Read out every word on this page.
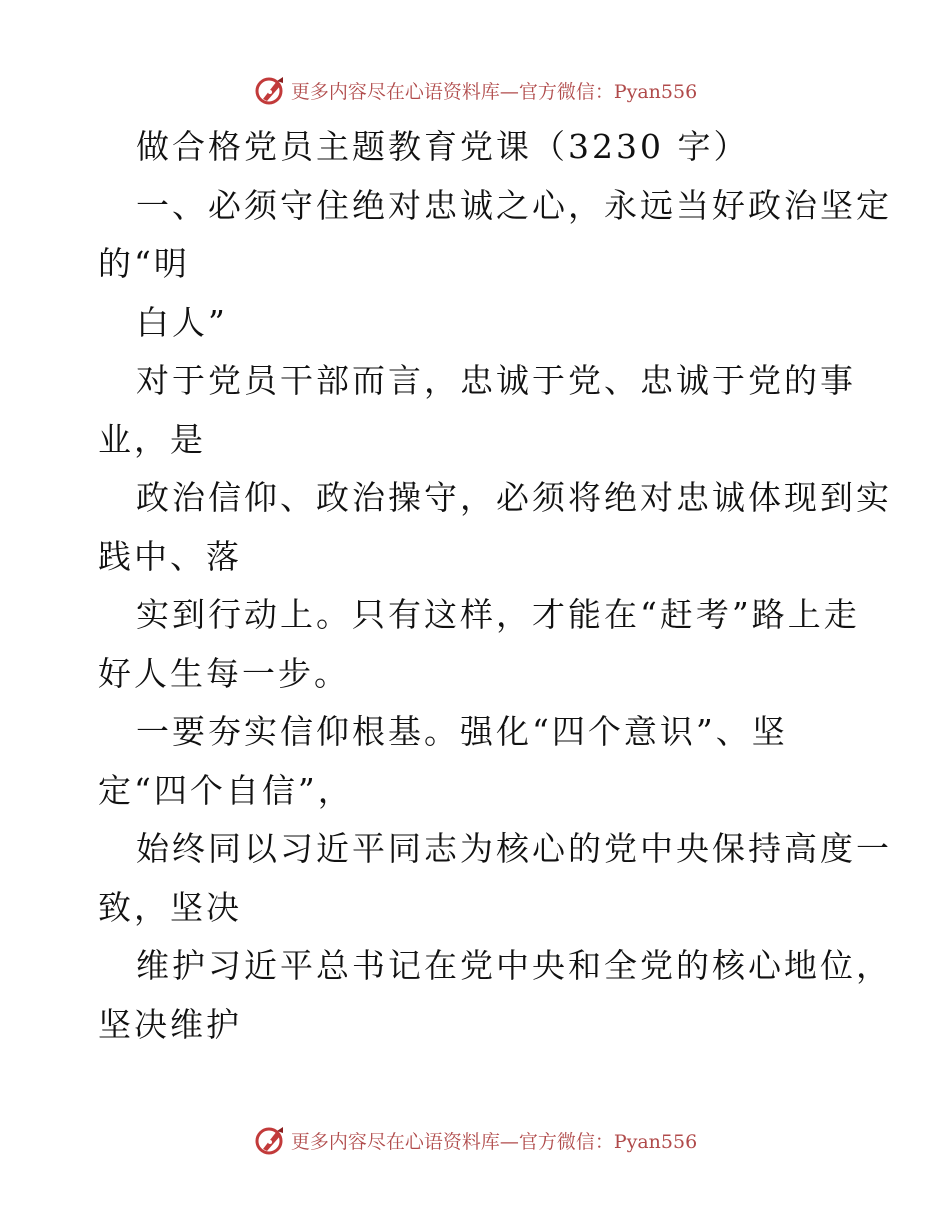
更多内容尽在心语资料库—官方微信：Pyan556
做合格党员主题教育党课（3230 字）
一、必须守住绝对忠诚之心，永远当好政治坚定
的“明
白人”
对于党员干部而言，忠诚于党、忠诚于党的事
业，是
政治信仰、政治操守，必须将绝对忠诚体现到实
践中、落
实到行动上。只有这样，才能在“赶考”路上走
好人生每一步。
一要夯实信仰根基。强化“四个意识”、坚
定“四个自信”，
始终同以习近平同志为核心的党中央保持高度一
致，坚决
维护习近平总书记在党中央和全党的核心地位，
坚决维护
更多内容尽在心语资料库—官方微信：Pyan556
